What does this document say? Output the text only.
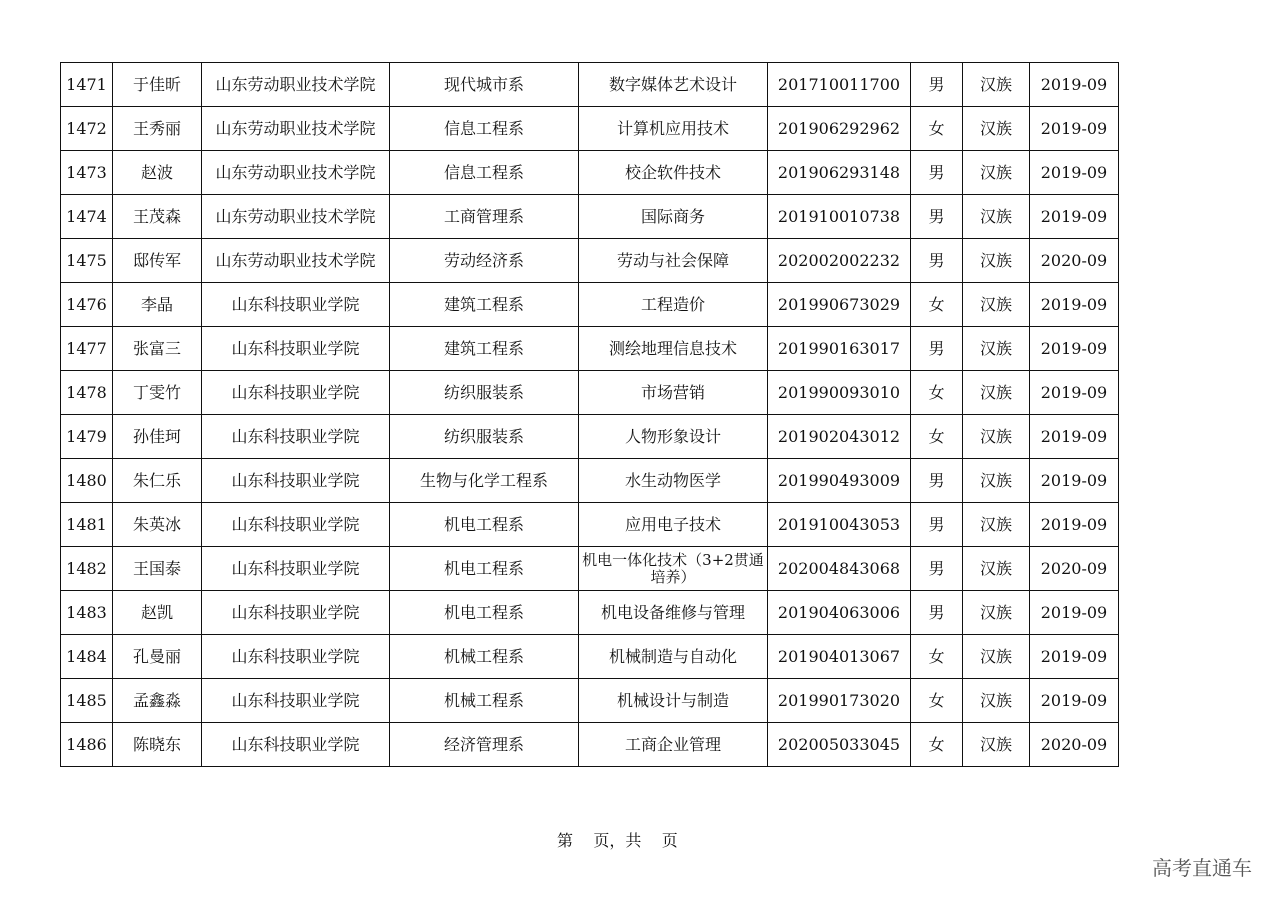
1471	于佳昕	山东劳动职业技术学院	现代城市系	数字媒体艺术设计	201710011700	男	汉族	2019-09
1472	王秀丽	山东劳动职业技术学院	信息工程系	计算机应用技术	201906292962	女	汉族	2019-09
1473	赵波	山东劳动职业技术学院	信息工程系	校企软件技术	201906293148	男	汉族	2019-09
1474	王茂森	山东劳动职业技术学院	工商管理系	国际商务	201910010738	男	汉族	2019-09
1475	邸传军	山东劳动职业技术学院	劳动经济系	劳动与社会保障	202002002232	男	汉族	2020-09
1476	李晶	山东科技职业学院	建筑工程系	工程造价	201990673029	女	汉族	2019-09
1477	张富三	山东科技职业学院	建筑工程系	测绘地理信息技术	201990163017	男	汉族	2019-09
1478	丁雯竹	山东科技职业学院	纺织服装系	市场营销	201990093010	女	汉族	2019-09
1479	孙佳珂	山东科技职业学院	纺织服装系	人物形象设计	201902043012	女	汉族	2019-09
1480	朱仁乐	山东科技职业学院	生物与化学工程系	水生动物医学	201990493009	男	汉族	2019-09
1481	朱英冰	山东科技职业学院	机电工程系	应用电子技术	201910043053	男	汉族	2019-09
1482	王国泰	山东科技职业学院	机电工程系	机电一体化技术（3+2贯通培养）	202004843068	男	汉族	2020-09
1483	赵凯	山东科技职业学院	机电工程系	机电设备维修与管理	201904063006	男	汉族	2019-09
1484	孔曼丽	山东科技职业学院	机械工程系	机械制造与自动化	201904013067	女	汉族	2019-09
1485	孟鑫淼	山东科技职业学院	机械工程系	机械设计与制造	201990173020	女	汉族	2019-09
1486	陈晓东	山东科技职业学院	经济管理系	工商企业管理	202005033045	女	汉族	2020-09
第    页，共    页
高考直通车
